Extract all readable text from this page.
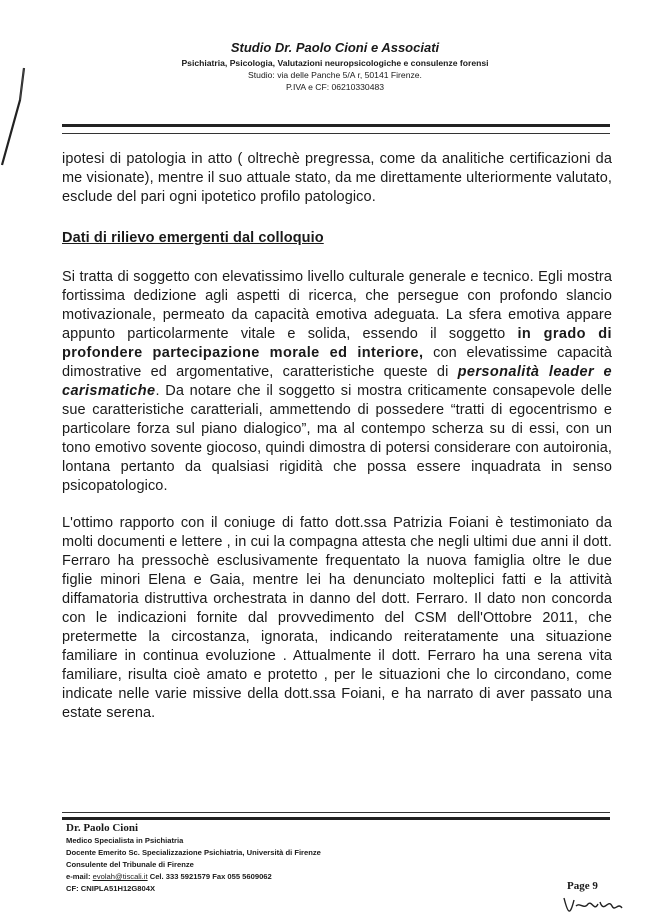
Studio Dr. Paolo Cioni e Associati

Psichiatria, Psicologia, Valutazioni neuropsicologiche e consulenze forensi

Studio: via delle Panche 5/A r, 50141 Firenze.

P.IVA e CF: 06210330483

ipotesi di patologia in atto ( oltrechè pregressa, come da analitiche certificazioni da me visionate), mentre il suo attuale stato, da me direttamente ulteriormente valutato, esclude del pari ogni ipotetico profilo patologico.

Dati di rilievo emergenti dal colloquio

Si tratta di soggetto con elevatissimo livello culturale generale e tecnico. Egli mostra fortissima dedizione agli aspetti di ricerca, che persegue con profondo slancio motivazionale, permeato da capacità emotiva adeguata. La sfera emotiva appare appunto particolarmente vitale e solida, essendo il soggetto in grado di profondere partecipazione morale ed interiore, con elevatissime capacità dimostrative ed argomentative, caratteristiche queste di personalità leader e carismatiche. Da notare che il soggetto si mostra criticamente consapevole delle sue caratteristiche caratteriali, ammettendo di possedere “tratti di egocentrismo e particolare forza sul piano dialogico”, ma al contempo scherza su di essi, con un tono emotivo sovente giocoso, quindi dimostra di potersi considerare con autoironia, lontana pertanto da qualsiasi rigidità che possa essere inquadrata in senso psicopatologico.

L'ottimo rapporto con il coniuge di fatto dott.ssa Patrizia Foiani è testimoniato da molti documenti e lettere , in cui la compagna attesta che negli ultimi due anni il dott. Ferraro ha pressochè esclusivamente frequentato la nuova famiglia oltre le due figlie minori Elena e Gaia, mentre lei ha denunciato molteplici fatti e la attività diffamatoria distruttiva orchestrata in danno del dott. Ferraro. Il dato non concorda con le indicazioni fornite dal provvedimento del CSM dell'Ottobre 2011, che pretermette la circostanza, ignorata, indicando reiteratamente una situazione familiare in continua evoluzione . Attualmente il dott. Ferraro ha una serena vita familiare, risulta cioè amato e protetto , per le situazioni che lo circondano, come indicate nelle varie missive della dott.ssa Foiani, e ha narrato di aver passato una estate serena.

Dr. Paolo Cioni

Medico Specialista in Psichiatria

Docente Emerito Sc. Specializzazione Psichiatria, Università di Firenze

Consulente del Tribunale di Firenze

e-mail: evolah@tiscali.it Cel. 333 5921579 Fax 055 5609062

CF: CNIPLA51H12G804X	Page 9
